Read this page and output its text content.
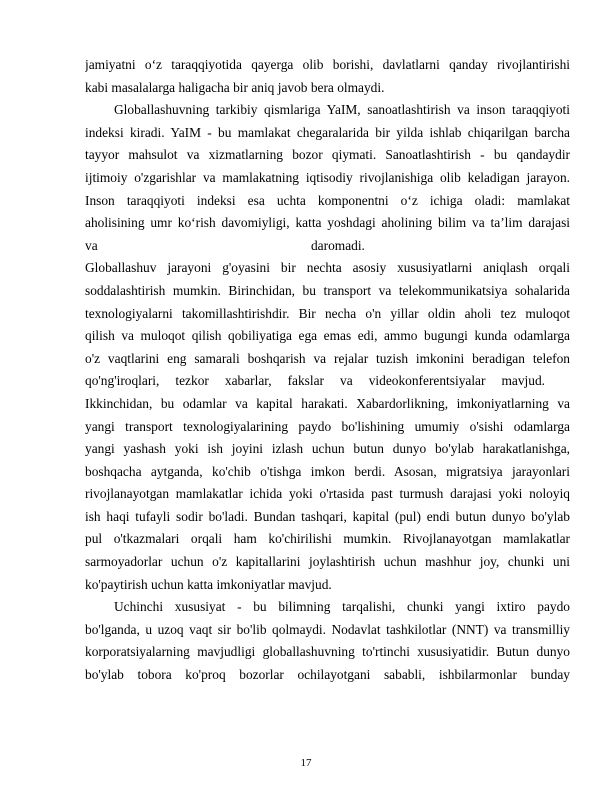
jamiyatni o‘z taraqqiyotida qayerga olib borishi, davlatlarni qanday rivojlantirishi
kabi masalalarga haligacha bir aniq javob bera olmaydi.
Globallashuvning tarkibiy qismlariga YaIM, sanoatlashtirish va inson taraqqiyoti
indeksi kiradi. YaIM - bu mamlakat chegaralarida bir yilda ishlab chiqarilgan barcha
tayyor mahsulot va xizmatlarning bozor qiymati. Sanoatlashtirish - bu qandaydir
ijtimoiy o'zgarishlar va mamlakatning iqtisodiy rivojlanishiga olib keladigan jarayon.
Inson taraqqiyoti indeksi esa uchta komponentni o‘z ichiga oladi: mamlakat
aholisining umr ko‘rish davomiyligi, katta yoshdagi aholining bilim va ta’lim darajasi
va daromadi.
Globallashuv jarayoni g'oyasini bir nechta asosiy xususiyatlarni aniqlash orqali
soddalashtirish mumkin. Birinchidan, bu transport va telekommunikatsiya sohalarida
texnologiyalarni takomillashtirishdir. Bir necha o'n yillar oldin aholi tez muloqot
qilish va muloqot qilish qobiliyatiga ega emas edi, ammo bugungi kunda odamlarga
o'z vaqtlarini eng samarali boshqarish va rejalar tuzish imkonini beradigan telefon
qo'ng'iroqlari, tezkor xabarlar, fakslar va videokonferentsiyalar mavjud.
Ikkinchidan, bu odamlar va kapital harakati. Xabardorlikning, imkoniyatlarning va
yangi transport texnologiyalarining paydo bo'lishining umumiy o'sishi odamlarga
yangi yashash yoki ish joyini izlash uchun butun dunyo bo'ylab harakatlanishga,
boshqacha aytganda, ko'chib o'tishga imkon berdi. Asosan, migratsiya jarayonlari
rivojlanayotgan mamlakatlar ichida yoki o'rtasida past turmush darajasi yoki noloyiq
ish haqi tufayli sodir bo'ladi. Bundan tashqari, kapital (pul) endi butun dunyo bo'ylab
pul o'tkazmalari orqali ham ko'chirilishi mumkin. Rivojlanayotgan mamlakatlar
sarmoyadorlar uchun o'z kapitallarini joylashtirish uchun mashhur joy, chunki uni
ko'paytirish uchun katta imkoniyatlar mavjud.
Uchinchi xususiyat - bu bilimning tarqalishi, chunki yangi ixtiro paydo
bo'lganda, u uzoq vaqt sir bo'lib qolmaydi. Nodavlat tashkilotlar (NNT) va transmilliy
korporatsiyalarning mavjudligi globallashuvning to'rtinchi xususiyatidir. Butun dunyo
bo'ylab tobora ko'proq bozorlar ochilayotgani sababli, ishbilarmonlar bunday
17
